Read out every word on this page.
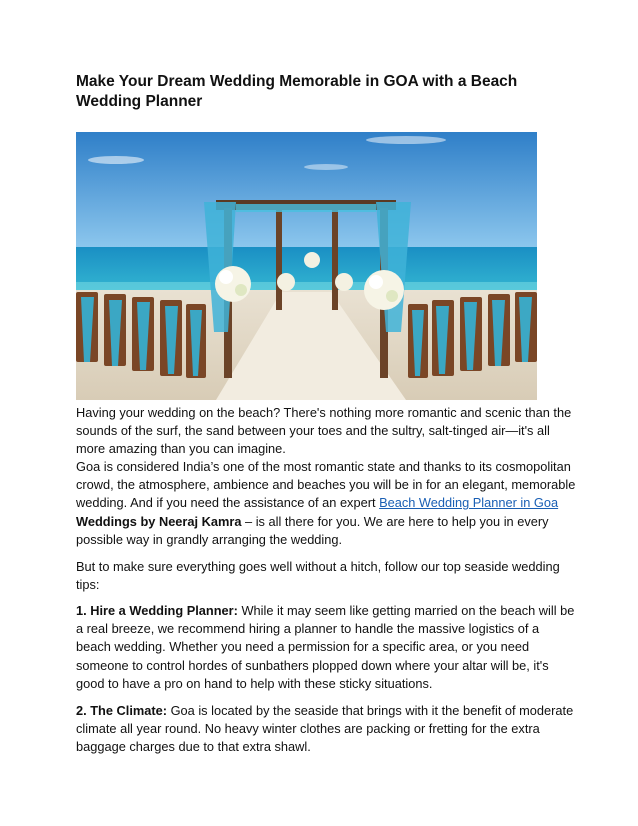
Make Your Dream Wedding Memorable in GOA with a Beach Wedding Planner

Having your wedding on the beach? There's nothing more romantic and scenic than the sounds of the surf, the sand between your toes and the sultry, salt-tinged air—it's all more amazing than you can imagine.

Goa is considered India’s one of the most romantic state and thanks to its cosmopolitan crowd, the atmosphere, ambience and beaches you will be in for an elegant, memorable wedding. And if you need the assistance of an expert Beach Wedding Planner in Goa Weddings by Neeraj Kamra – is all there for you. We are here to help you in every possible way in grandly arranging the wedding.

But to make sure everything goes well without a hitch, follow our top seaside wedding tips:

1. Hire a Wedding Planner: While it may seem like getting married on the beach will be a real breeze, we recommend hiring a planner to handle the massive logistics of a beach wedding. Whether you need a permission for a specific area, or you need someone to control hordes of sunbathers plopped down where your altar will be, it's good to have a pro on hand to help with these sticky situations.

2. The Climate: Goa is located by the seaside that brings with it the benefit of moderate climate all year round. No heavy winter clothes are packing or fretting for the extra baggage charges due to that extra shawl.
